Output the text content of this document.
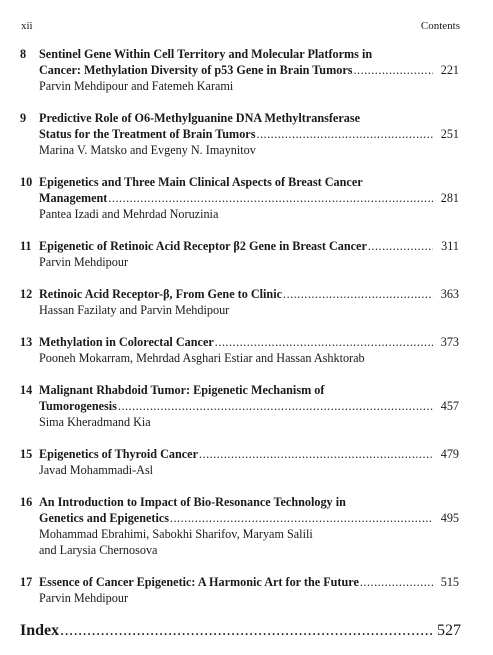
xii	Contents
8	Sentinel Gene Within Cell Territory and Molecular Platforms in
Cancer: Methylation Diversity of p53 Gene in Brain Tumors .....	221
Parvin Mehdipour and Fatemeh Karami
9	Predictive Role of O6-Methylguanine DNA Methyltransferase
Status for the Treatment of Brain Tumors .....	251
Marina V. Matsko and Evgeny N. Imaynitov
10 Epigenetics and Three Main Clinical Aspects of Breast Cancer
Management .....	281
Pantea Izadi and Mehrdad Noruzinia
11 Epigenetic of Retinoic Acid Receptor β2 Gene in Breast Cancer .....	311
Parvin Mehdipour
12 Retinoic Acid Receptor-β, From Gene to Clinic .....	363
Hassan Fazilaty and Parvin Mehdipour
13 Methylation in Colorectal Cancer .....	373
Pooneh Mokarram, Mehrdad Asghari Estiar and Hassan Ashktorab
14 Malignant Rhabdoid Tumor: Epigenetic Mechanism of
Tumorogenesis .....	457
Sima Kheradmand Kia
15 Epigenetics of Thyroid Cancer .....	479
Javad Mohammadi-Asl
16 An Introduction to Impact of Bio-Resonance Technology in
Genetics and Epigenetics .....	495
Mohammad Ebrahimi, Sabokhi Sharifov, Maryam Salili
and Larysia Chernosova
17 Essence of Cancer Epigenetic: A Harmonic Art for the Future .....	515
Parvin Mehdipour
Index .....	527
